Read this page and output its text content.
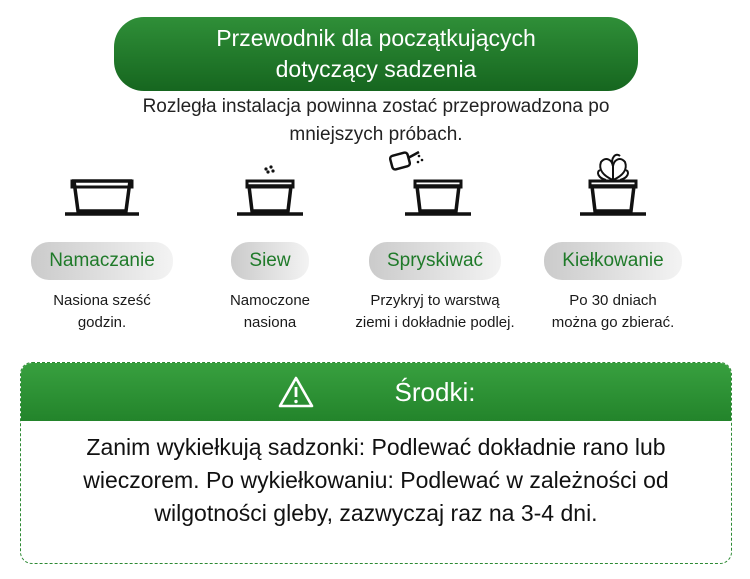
Przewodnik dla początkujących
dotyczący sadzenia
Rozległa instalacja powinna zostać przeprowadzona po
mniejszych próbach.
Namaczanie
Nasiona sześć
godzin.
Siew
Namoczone
nasiona
Spryskiwać
Przykryj to warstwą
ziemi i dokładnie podlej.
Kiełkowanie
Po 30 dniach
można go zbierać.
Środki:
Zanim wykiełkują sadzonki: Podlewać dokładnie rano lub
wieczorem. Po wykiełkowaniu: Podlewać w zależności od
wilgotności gleby, zazwyczaj raz na 3-4 dni.
